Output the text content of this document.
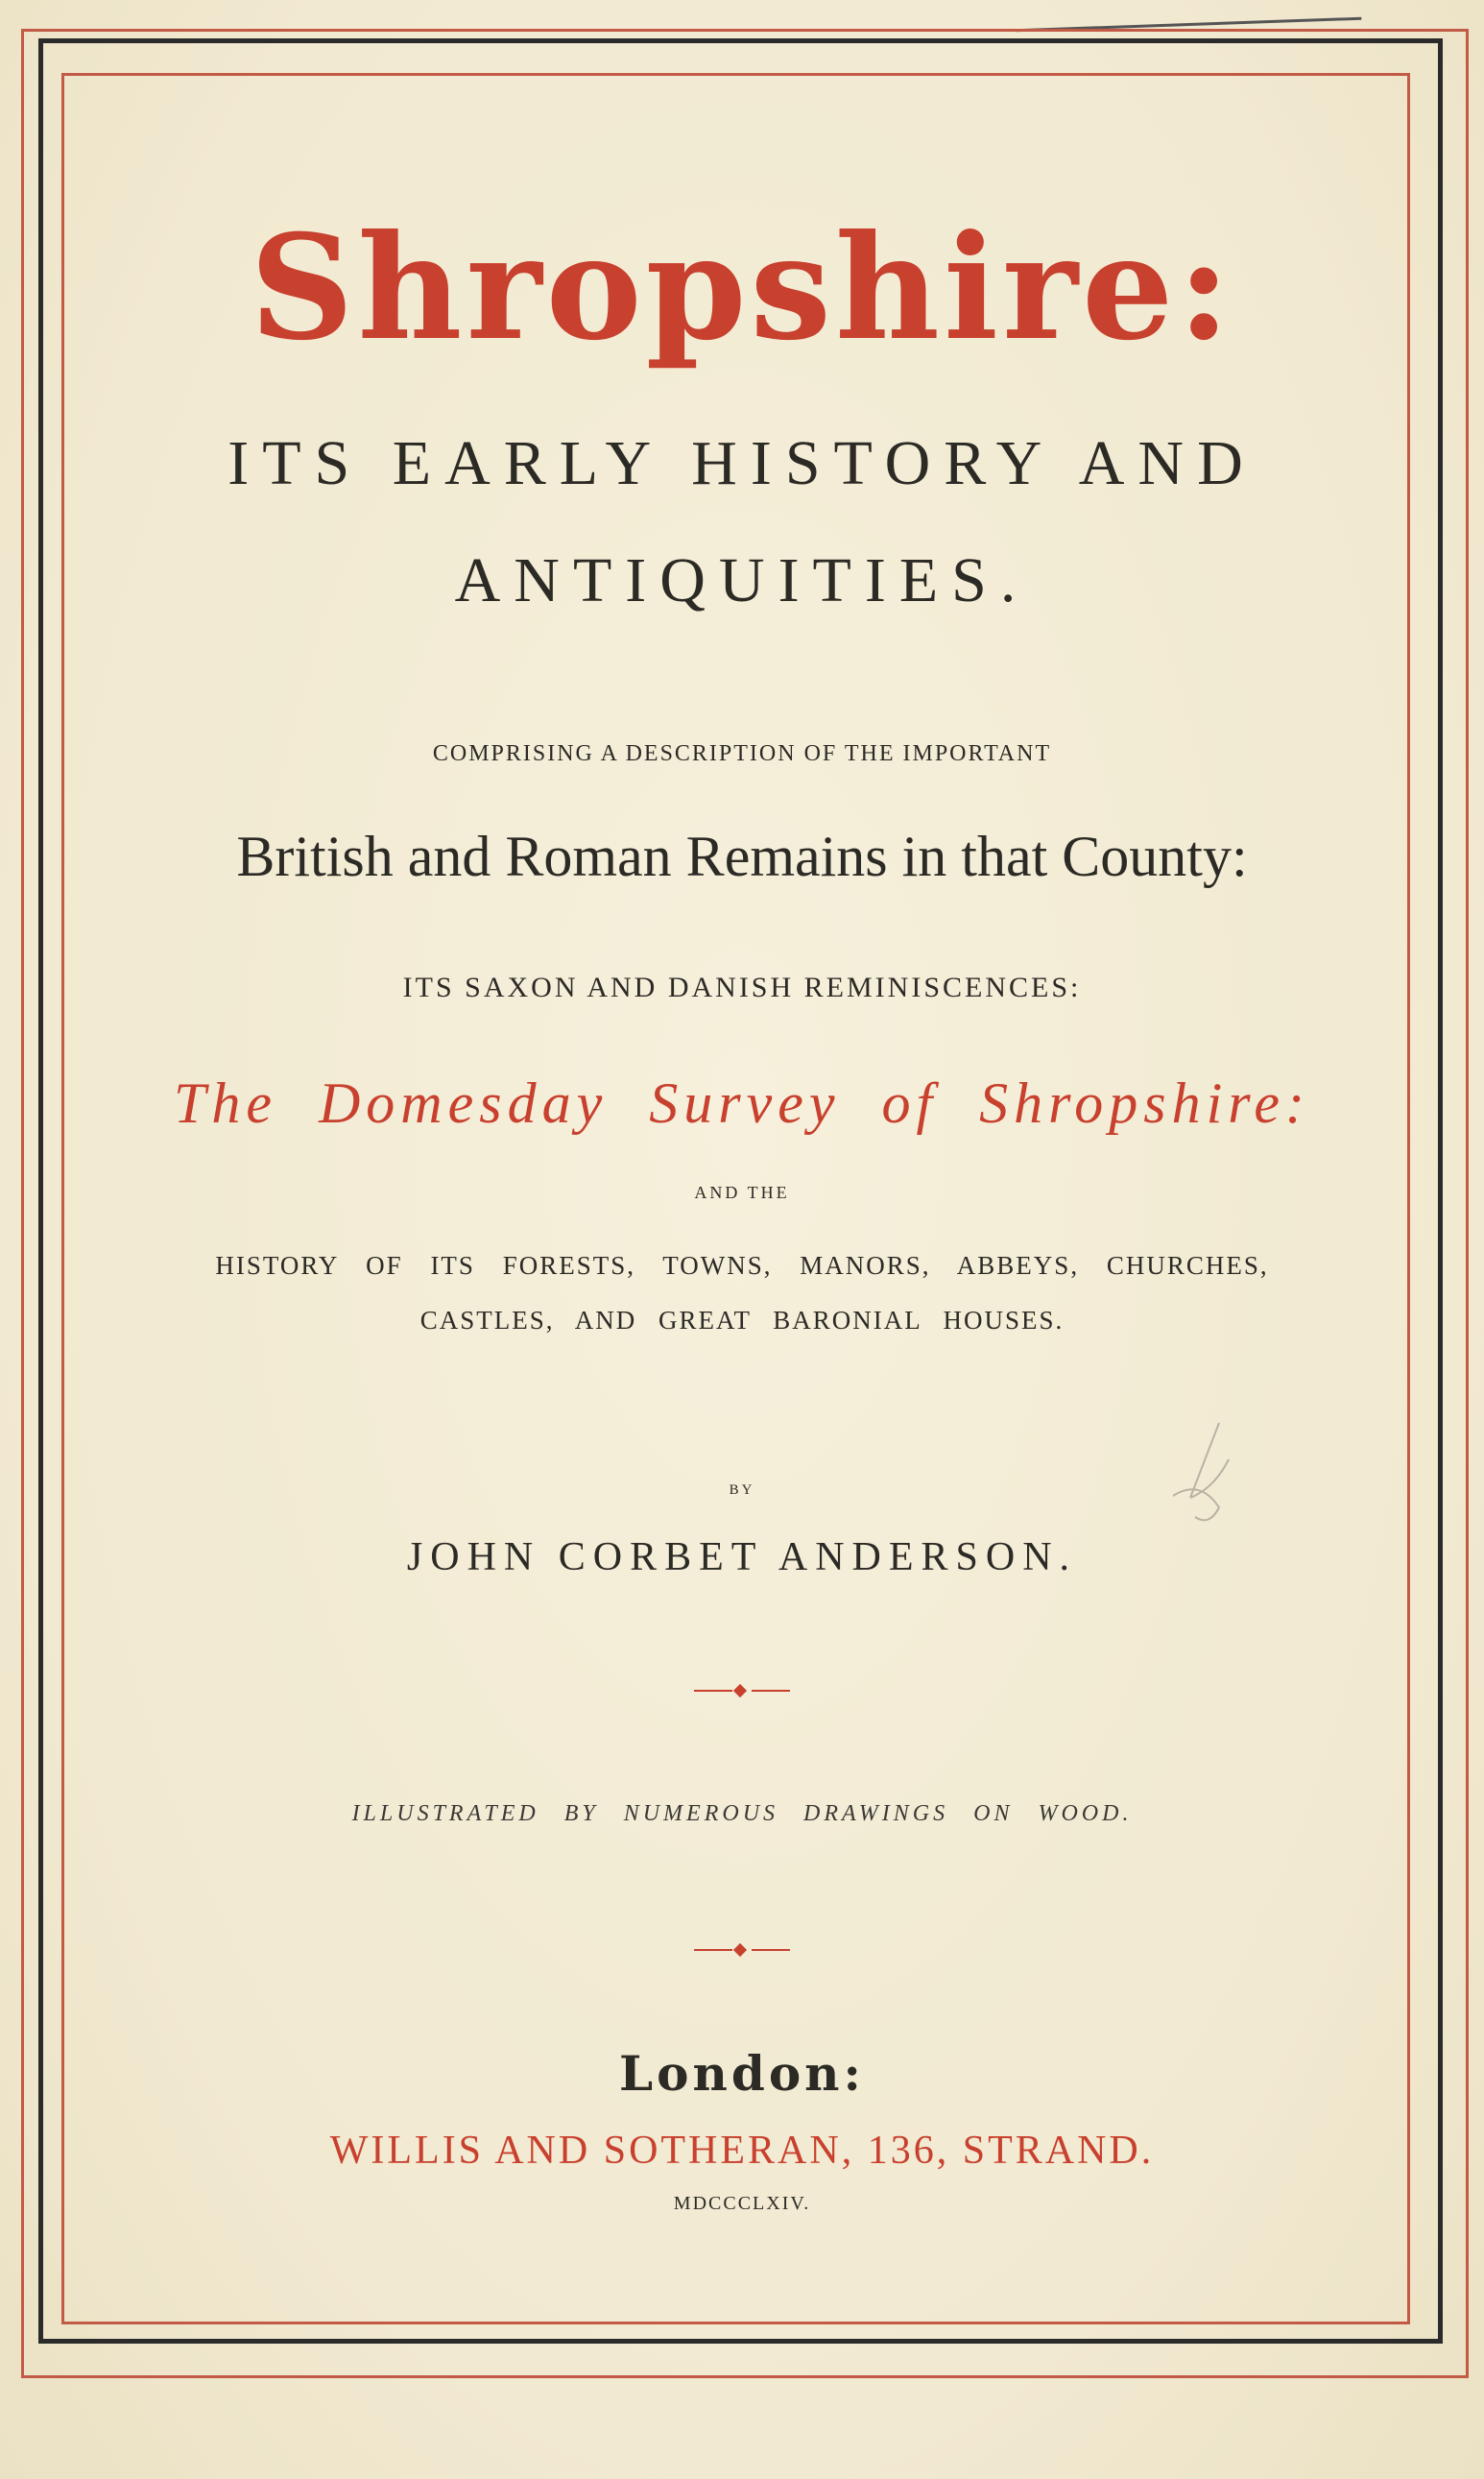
Shropshire:
ITS EARLY HISTORY AND
ANTIQUITIES.
COMPRISING A DESCRIPTION OF THE IMPORTANT
British and Roman Remains in that County:
ITS SAXON AND DANISH REMINISCENCES:
The Domesday Survey of Shropshire:
AND THE
HISTORY OF ITS FORESTS, TOWNS, MANORS, ABBEYS, CHURCHES,
CASTLES, AND GREAT BARONIAL HOUSES.
BY
JOHN CORBET ANDERSON.
ILLUSTRATED BY NUMEROUS DRAWINGS ON WOOD.
London:
WILLIS AND SOTHERAN, 136, STRAND.
MDCCCLXIV.
